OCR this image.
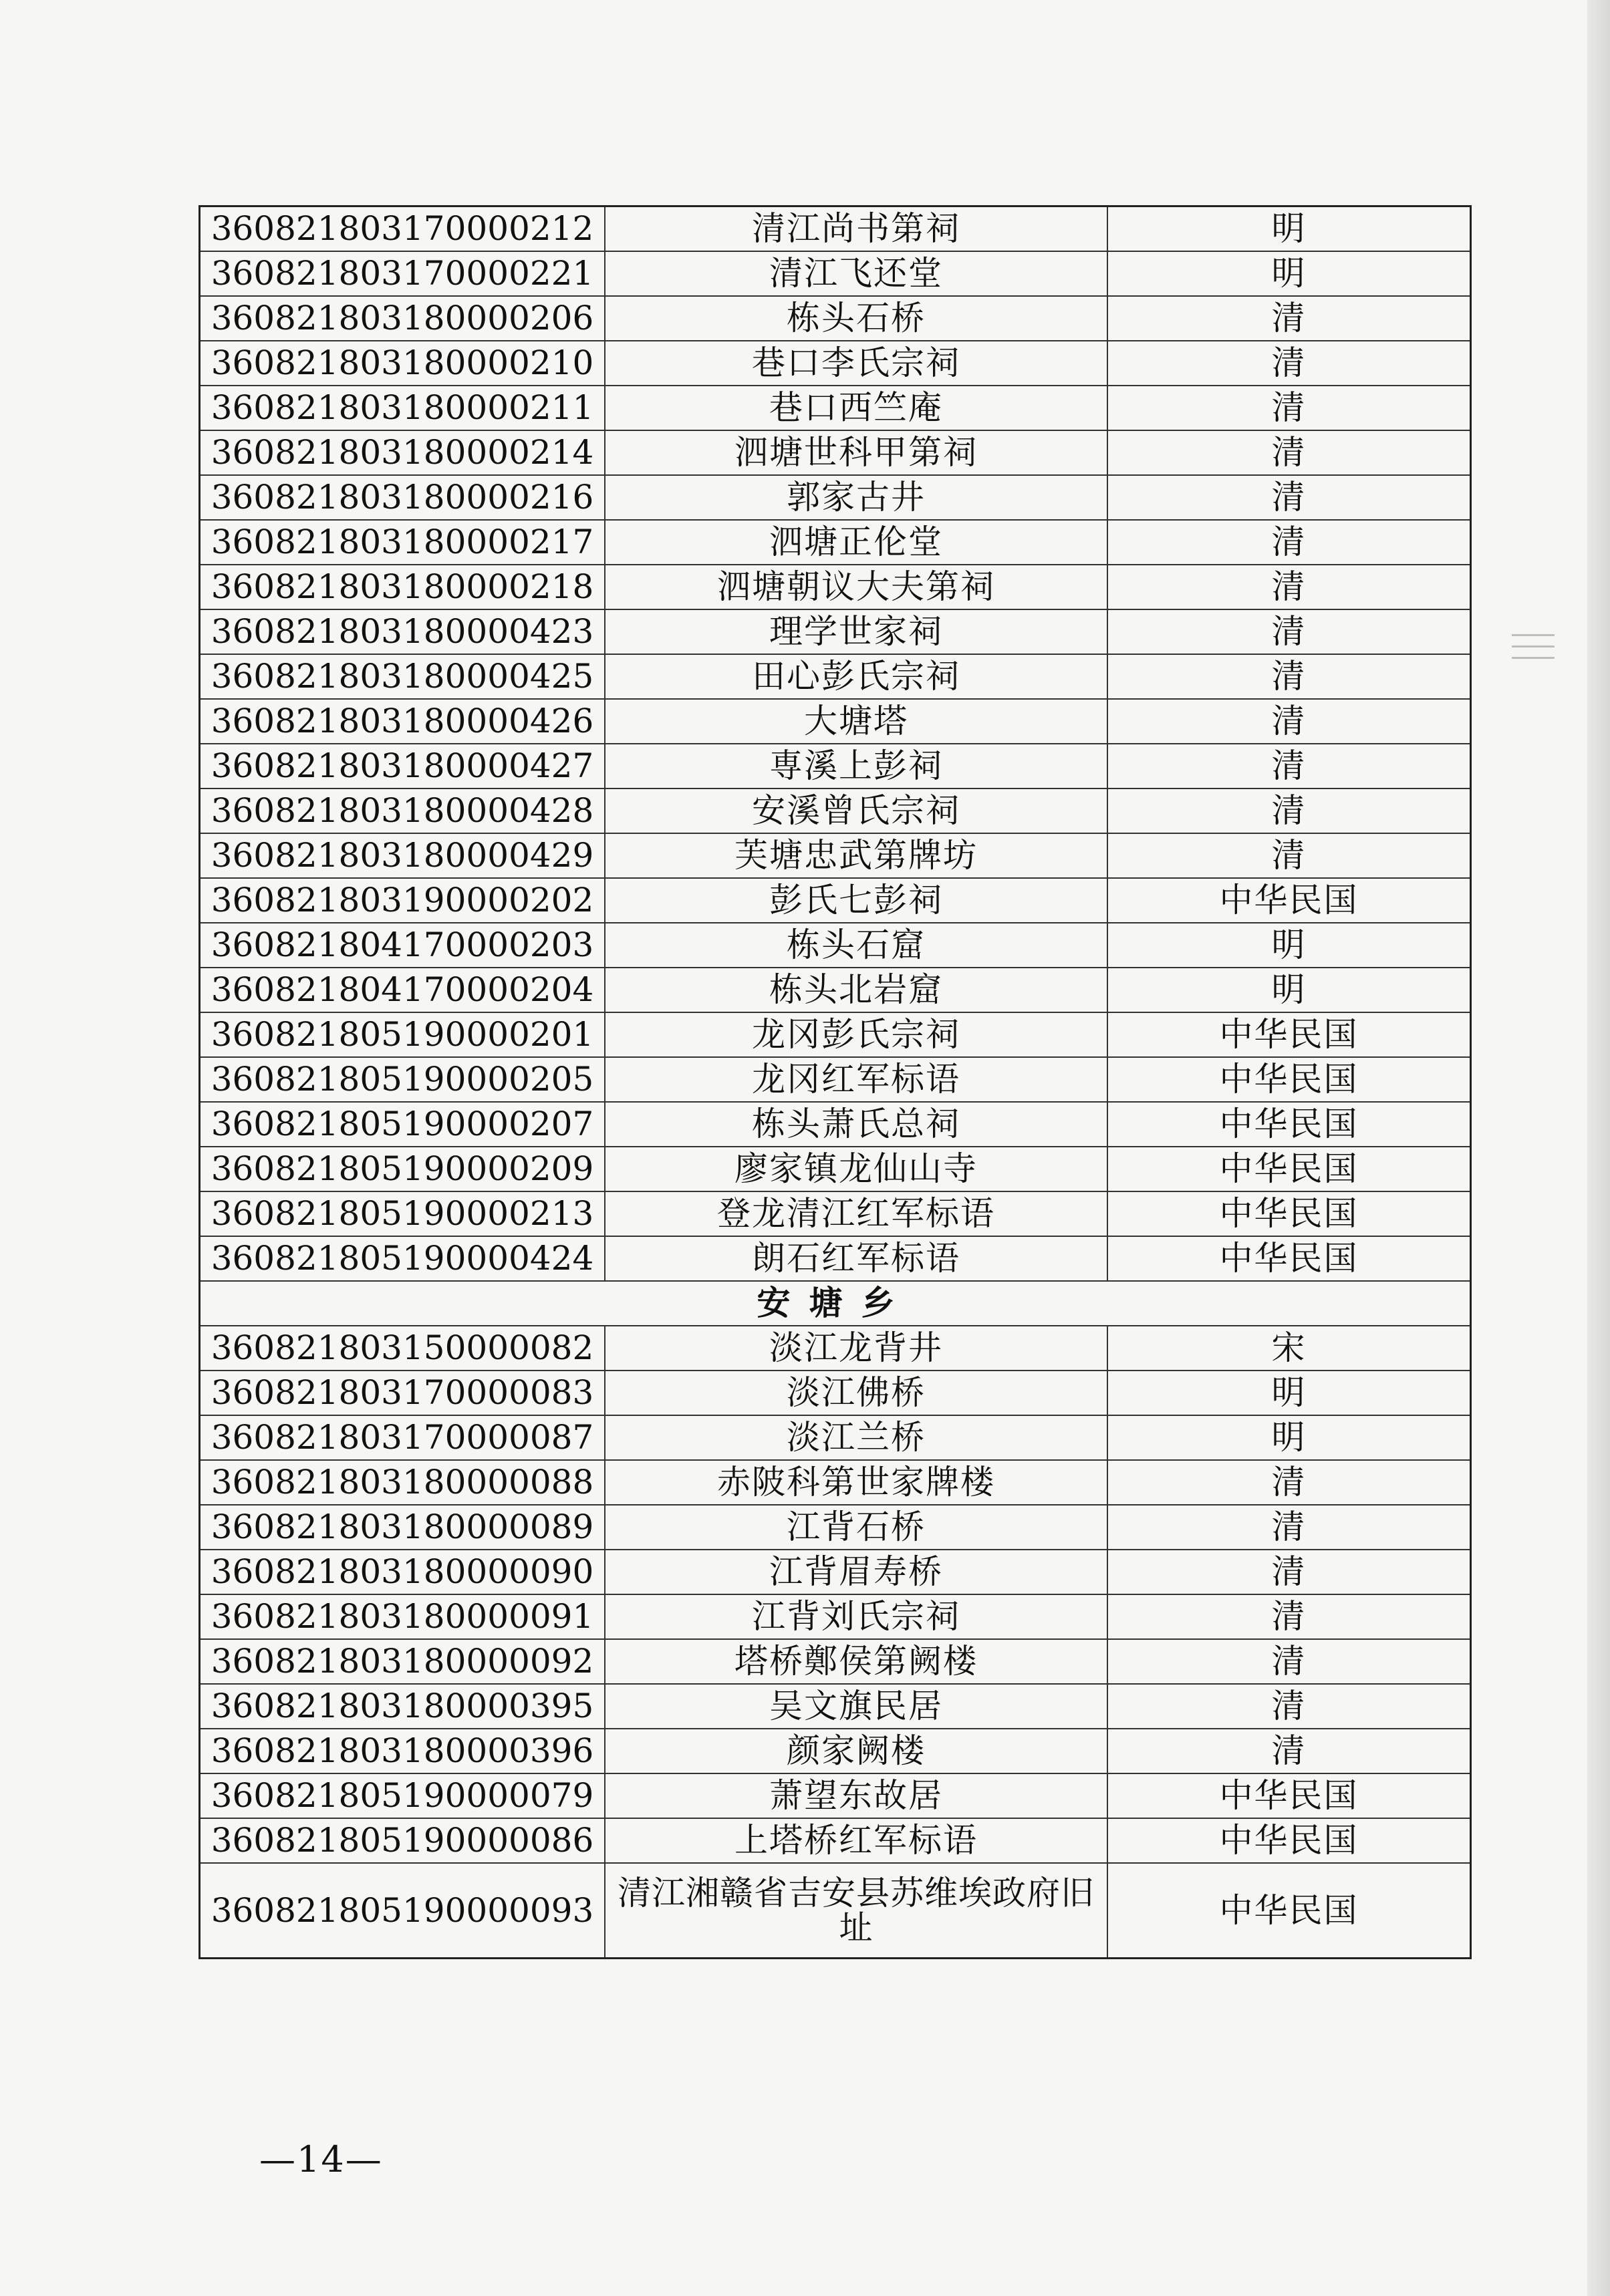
360821803170000212	清江尚书第祠	明
360821803170000221	清江飞还堂	明
360821803180000206	栋头石桥	清
360821803180000210	巷口李氏宗祠	清
360821803180000211	巷口西竺庵	清
360821803180000214	泗塘世科甲第祠	清
360821803180000216	郭家古井	清
360821803180000217	泗塘正伦堂	清
360821803180000218	泗塘朝议大夫第祠	清
360821803180000423	理学世家祠	清
360821803180000425	田心彭氏宗祠	清
360821803180000426	大塘塔	清
360821803180000427	専溪上彭祠	清
360821803180000428	安溪曾氏宗祠	清
360821803180000429	芙塘忠武第牌坊	清
360821803190000202	彭氏七彭祠	中华民国
360821804170000203	栋头石窟	明
360821804170000204	栋头北岩窟	明
360821805190000201	龙冈彭氏宗祠	中华民国
360821805190000205	龙冈红军标语	中华民国
360821805190000207	栋头萧氏总祠	中华民国
360821805190000209	廖家镇龙仙山寺	中华民国
360821805190000213	登龙清江红军标语	中华民国
360821805190000424	朗石红军标语	中华民国
安塘乡		
360821803150000082	淡江龙背井	宋
360821803170000083	淡江佛桥	明
360821803170000087	淡江兰桥	明
360821803180000088	赤陂科第世家牌楼	清
360821803180000089	江背石桥	清
360821803180000090	江背眉寿桥	清
360821803180000091	江背刘氏宗祠	清
360821803180000092	塔桥鄭侯第阙楼	清
360821803180000395	吴文旗民居	清
360821803180000396	颜家阙楼	清
360821805190000079	萧望东故居	中华民国
360821805190000086	上塔桥红军标语	中华民国
360821805190000093	清江湘赣省吉安县苏维埃政府旧址	中华民国
—14—
